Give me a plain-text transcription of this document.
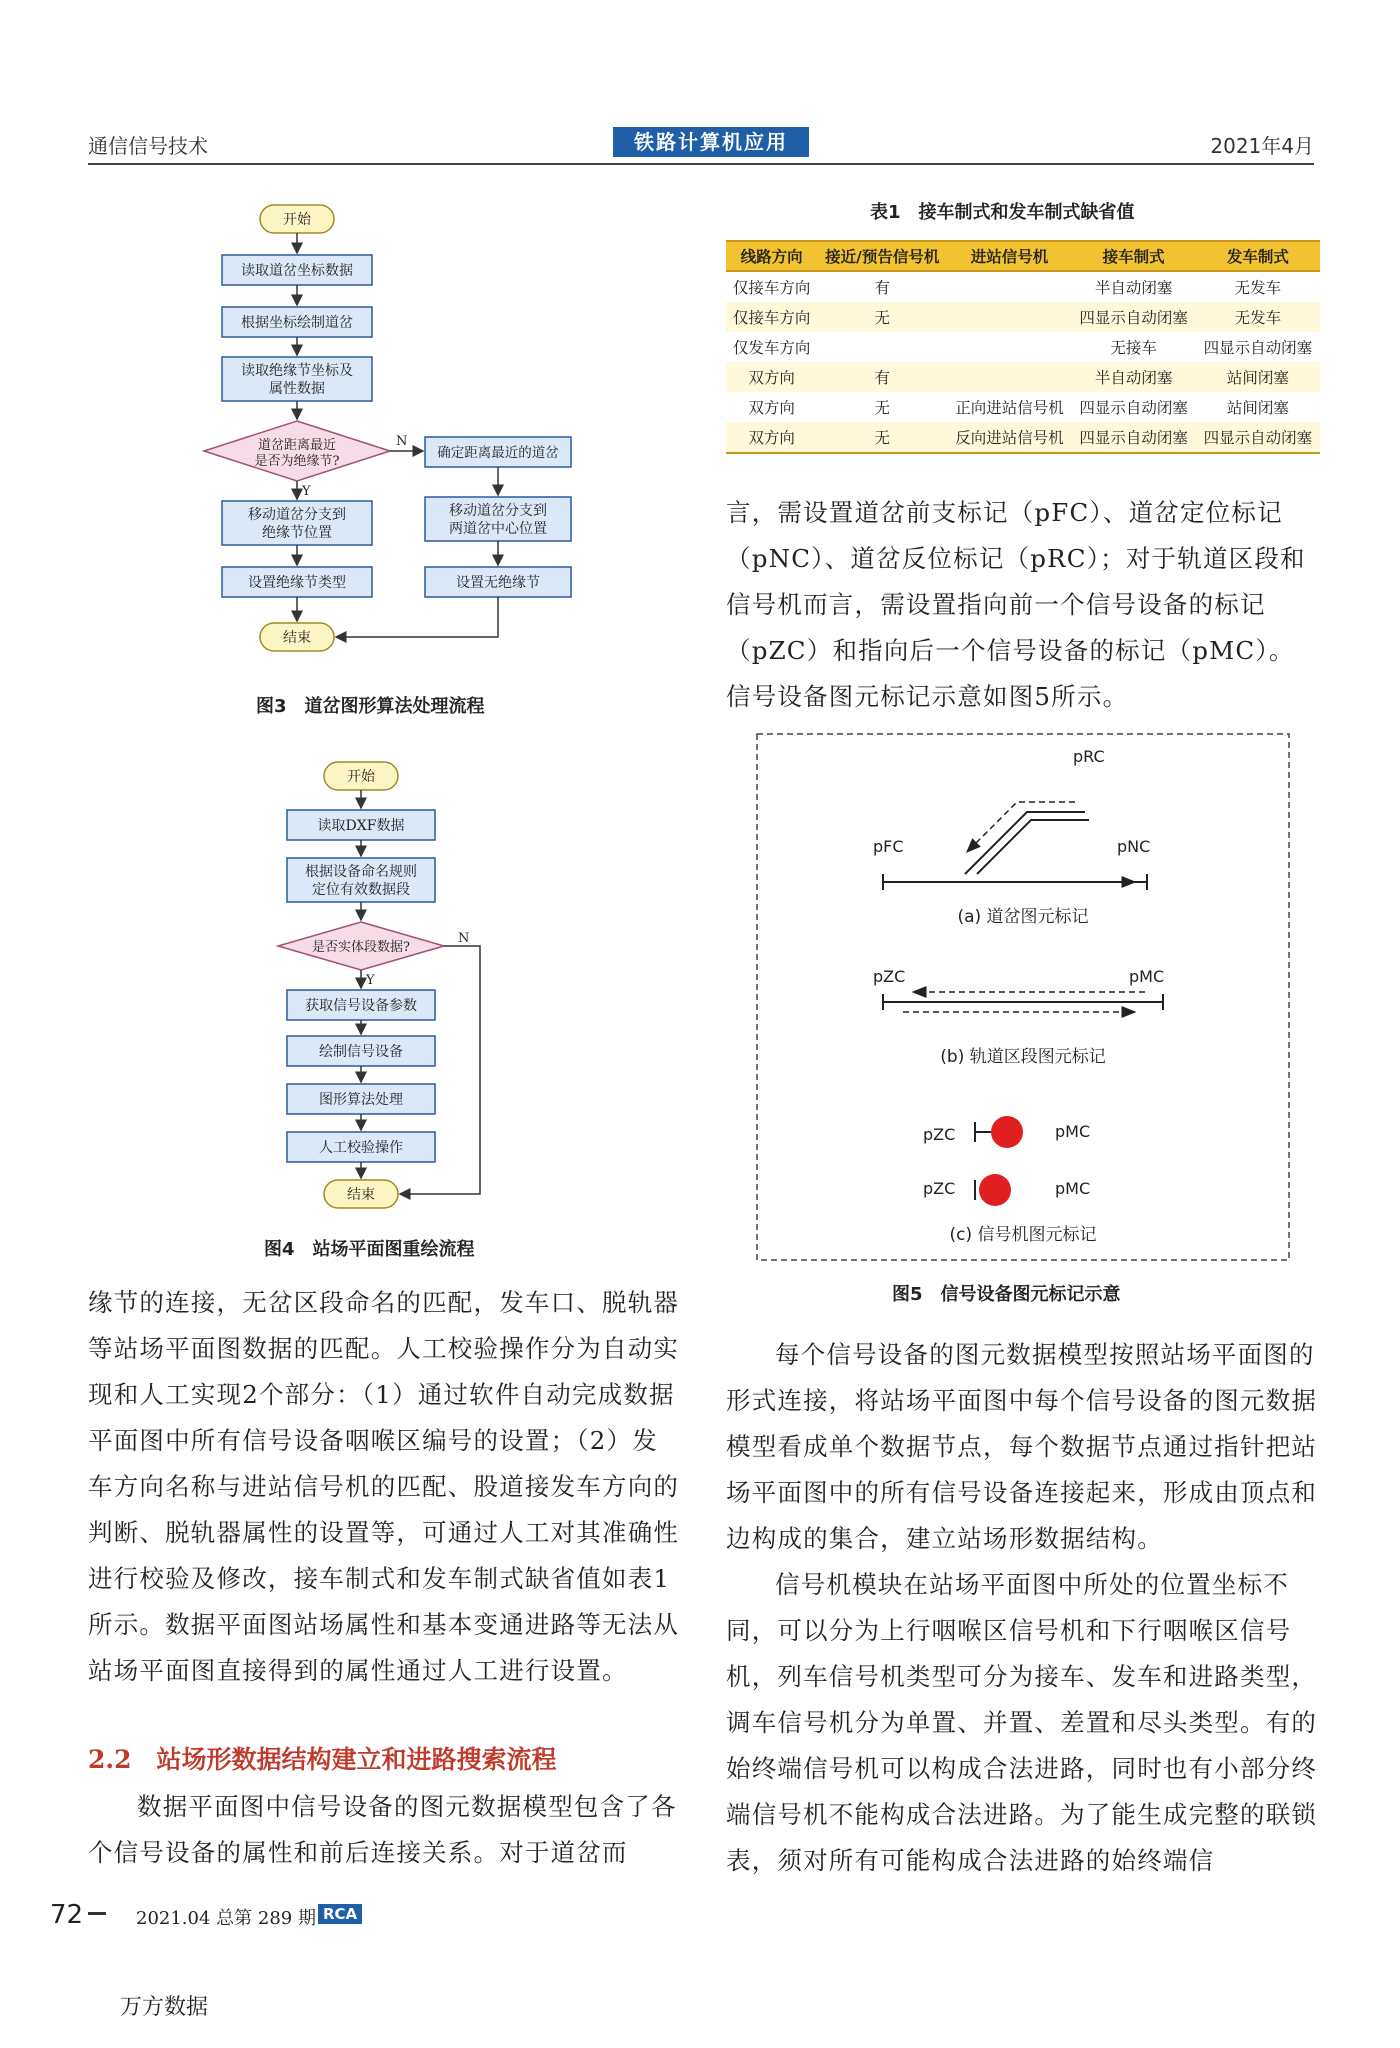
通信信号技术	铁路计算机应用	2021年4月
开始
读取道岔坐标数据
根据坐标绘制道岔
读取绝缘节坐标及
属性数据
道岔距离最近
是否为绝缘节?
N
Y
确定距离最近的道岔
移动道岔分支到
两道岔中心位置
设置无绝缘节
移动道岔分支到
绝缘节位置
设置绝缘节类型
结束
图3　道岔图形算法处理流程
开始
读取DXF数据
根据设备命名规则
定位有效数据段
是否实体段数据?
N
Y
获取信号设备参数
绘制信号设备
图形算法处理
人工校验操作
结束
图4　站场平面图重绘流程

缘节的连接，无岔区段命名的匹配，发车口、脱轨器等站场平面图数据的匹配。人工校验操作分为自动实现和人工实现2个部分：（1）通过软件自动完成数据平面图中所有信号设备咽喉区编号的设置；（2）发车方向名称与进站信号机的匹配、股道接发车方向的判断、脱轨器属性的设置等，可通过人工对其准确性进行校验及修改，接车制式和发车制式缺省值如表1所示。数据平面图站场属性和基本变通进路等无法从站场平面图直接得到的属性通过人工进行设置。

2.2　站场形数据结构建立和进路搜索流程

数据平面图中信号设备的图元数据模型包含了各个信号设备的属性和前后连接关系。对于道岔而

表1　接车制式和发车制式缺省值
线路方向	接近/预告信号机	进站信号机	接车制式	发车制式
仅接车方向	有		半自动闭塞	无发车
仅接车方向	无		四显示自动闭塞	无发车
仅发车方向			无接车	四显示自动闭塞
双方向	有		半自动闭塞	站间闭塞
双方向	无	正向进站信号机	四显示自动闭塞	站间闭塞
双方向	无	反向进站信号机	四显示自动闭塞	四显示自动闭塞

言，需设置道岔前支标记（pFC）、道岔定位标记（pNC）、道岔反位标记（pRC）；对于轨道区段和信号机而言，需设置指向前一个信号设备的标记（pZC）和指向后一个信号设备的标记（pMC）。信号设备图元标记示意如图5所示。

pRC
pFC	pNC
(a) 道岔图元标记
pZC	pMC
(b) 轨道区段图元标记
pZC	pMC
pZC	pMC
(c) 信号机图元标记
图5　信号设备图元标记示意

每个信号设备的图元数据模型按照站场平面图的形式连接，将站场平面图中每个信号设备的图元数据模型看成单个数据节点，每个数据节点通过指针把站场平面图中的所有信号设备连接起来，形成由顶点和边构成的集合，建立站场形数据结构。

信号机模块在站场平面图中所处的位置坐标不同，可以分为上行咽喉区信号机和下行咽喉区信号机，列车信号机类型可分为接车、发车和进路类型，调车信号机分为单置、并置、差置和尽头类型。有的始终端信号机可以构成合法进路，同时也有小部分终端信号机不能构成合法进路。为了能生成完整的联锁表，须对所有可能构成合法进路的始终端信

72	2021.04 总第 289 期 RCA
万方数据
